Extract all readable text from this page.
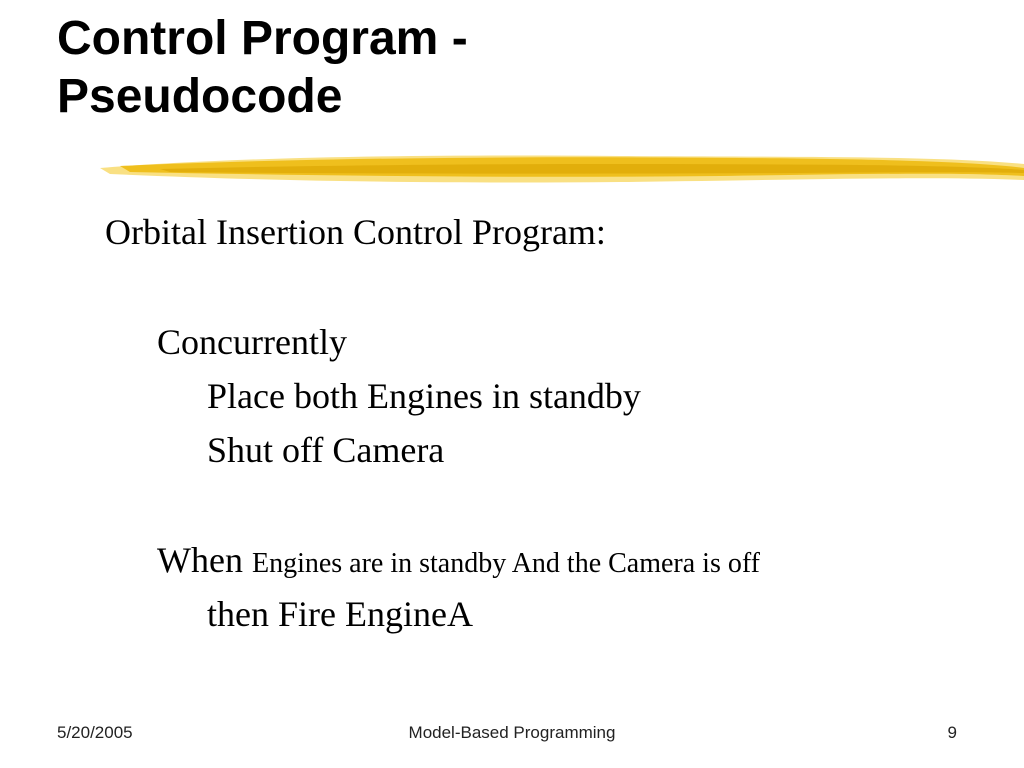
Control Program -
Pseudocode
Orbital Insertion Control Program:
Concurrently
Place both Engines in standby
Shut off Camera
When Engines are in standby And the Camera is off
then Fire EngineA
5/20/2005	Model-Based Programming	9
